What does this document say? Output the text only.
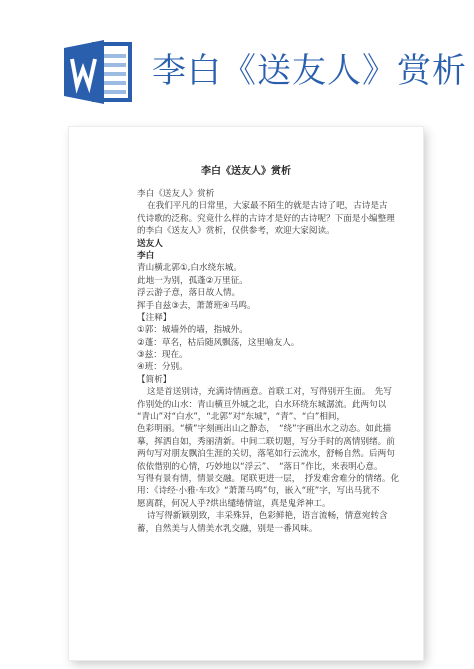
李白《送友人》赏析
李白《送友人》赏析
李白《送友人》赏析
在我们平凡的日常里，大家最不陌生的就是古诗了吧，古诗是古
代诗歌的泛称。究竟什么样的古诗才是好的古诗呢？下面是小编整理
的李白《送友人》赏析，仅供参考，欢迎大家阅读。
送友人
李白
青山横北郭①,白水绕东城。
此地一为别，孤蓬②万里征。
浮云游子意，落日故人情。
挥手自兹③去，萧萧班④马鸣。
【注释】
①郭：城墙外的墙，指城外。
②蓬：草名，枯后随风飘荡，这里喻友人。
③兹：现在。
④班：分别。
【简析】
这是首送别诗，充满诗情画意。首联工对，写得别开生面。　先写
作别处的山水：青山横亘外城之北，白水环绕东城潺流。此两句以
“青山”对“白水”，“北郭”对“东城”，“青”、“白”相间，
色彩明丽。“横”字刻画出山之静态，　“绕”字画出水之动态。如此描
摹，挥洒自如，秀丽清新。中间二联切题，写分手时的离情别绪。前
两句写对朋友飘泊生涯的关切，落笔如行云流水，舒畅自然。后两句
依依惜别的心情，巧妙地以“浮云”、　“落日”作比，来表明心意。
写得有景有情，情景交融。尾联更进一层，　抒发难舍难分的情绪。化
用：《诗经·小雅·车攻》“萧萧马鸣”句，嵌入“班”字，写出马犹不
愿离群，何况人乎?烘出缱绻情谊，真是鬼斧神工。
诗写得新颖别致，丰采殊异，色彩鲜艳，语言流畅，情意宛转含
蓄，自然美与人情美水乳交融，别是一番风味。
